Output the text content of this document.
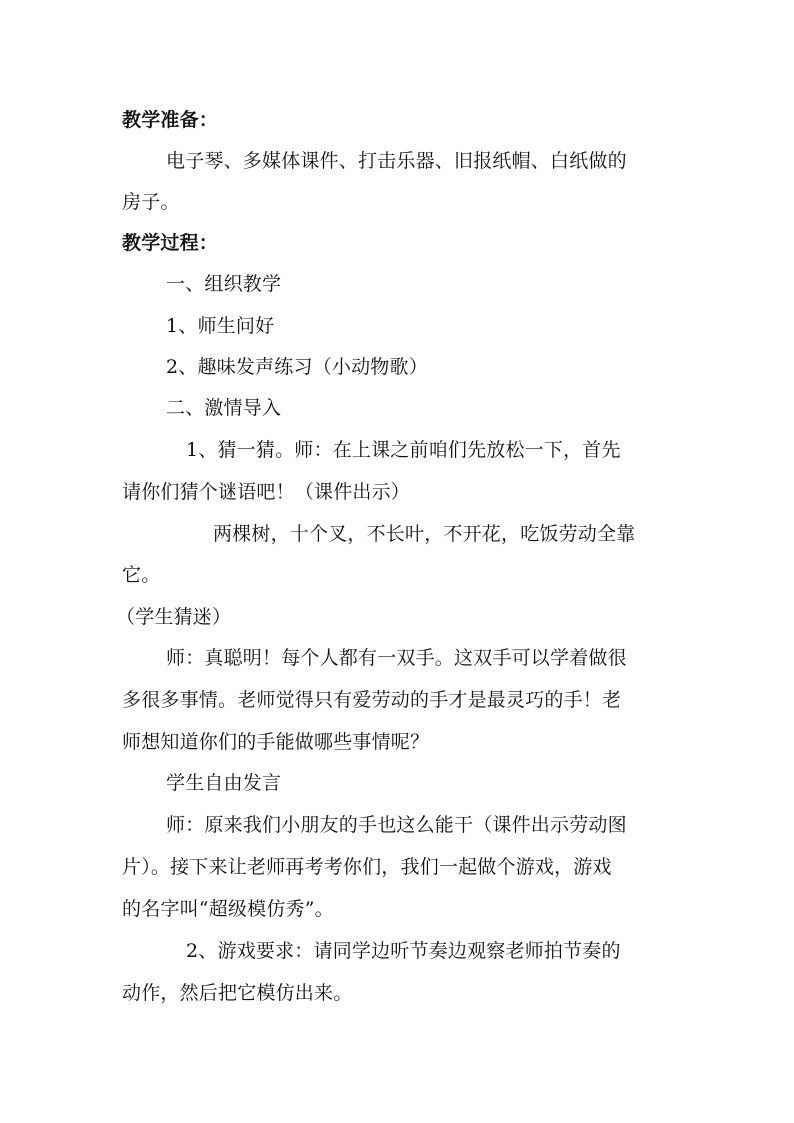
教学准备：
电子琴、多媒体课件、打击乐器、旧报纸帽、白纸做的
房子。
教学过程：
一、组织教学
1、师生问好
2、趣味发声练习（小动物歌）
二、激情导入
1、猜一猜。师：在上课之前咱们先放松一下，首先
请你们猜个谜语吧！（课件出示）
两棵树，十个叉，不长叶，不开花，吃饭劳动全靠
它。
（学生猜迷）
师：真聪明！每个人都有一双手。这双手可以学着做很
多很多事情。老师觉得只有爱劳动的手才是最灵巧的手！老
师想知道你们的手能做哪些事情呢？
学生自由发言
师：原来我们小朋友的手也这么能干（课件出示劳动图
片）。接下来让老师再考考你们，我们一起做个游戏，游戏
的名字叫“超级模仿秀”。
2、游戏要求：请同学边听节奏边观察老师拍节奏的
动作，然后把它模仿出来。
